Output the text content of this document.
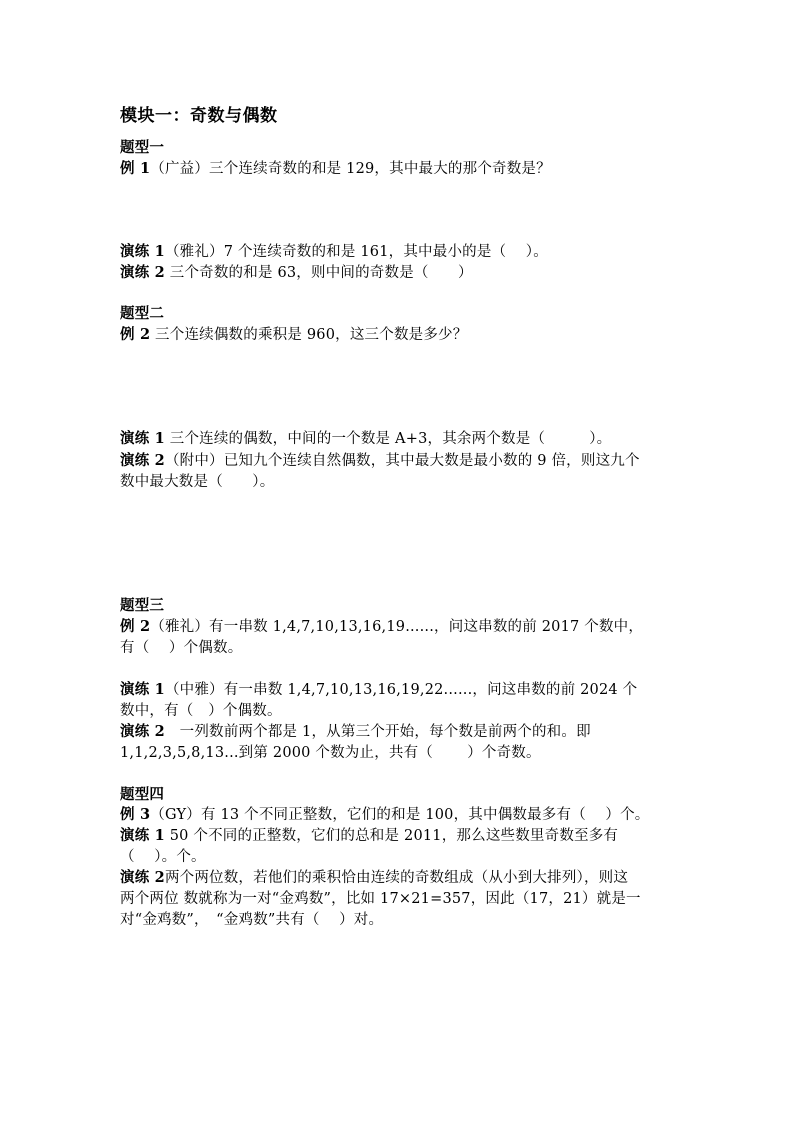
模块一：奇数与偶数
题型一
例 1（广益）三个连续奇数的和是 129，其中最大的那个奇数是？
演练 1（雅礼）7 个连续奇数的和是 161，其中最小的是（　 ）。
演练 2 三个奇数的和是 63，则中间的奇数是（　　）
题型二
例 2 三个连续偶数的乘积是 960，这三个数是多少？
演练 1 三个连续的偶数，中间的一个数是 A+3，其余两个数是（　　　）。
演练 2（附中）已知九个连续自然偶数，其中最大数是最小数的 9 倍，则这九个
数中最大数是（　　）。
题型三
例 2（雅礼）有一串数 1,4,7,10,13,16,19......，问这串数的前 2017 个数中，
有（　 ）个偶数。
演练 1（中雅）有一串数 1,4,7,10,13,16,19,22......，问这串数的前 2024 个
数中，有（　）个偶数。
演练 2　一列数前两个都是 1，从第三个开始，每个数是前两个的和。即
1,1,2,3,5,8,13...到第 2000 个数为止，共有（　　 ）个奇数。
题型四
例 3（GY）有 13 个不同正整数，它们的和是 100，其中偶数最多有（　 ）个。
演练 1 50 个不同的正整数，它们的总和是 2011，那么这些数里奇数至多有
（　 ）。个。
演练 2两个两位数，若他们的乘积恰由连续的奇数组成（从小到大排列），则这
两个两位 数就称为一对“金鸡数”，比如 17×21=357，因此（17，21）就是一
对“金鸡数”，　“金鸡数”共有（　 ）对。
